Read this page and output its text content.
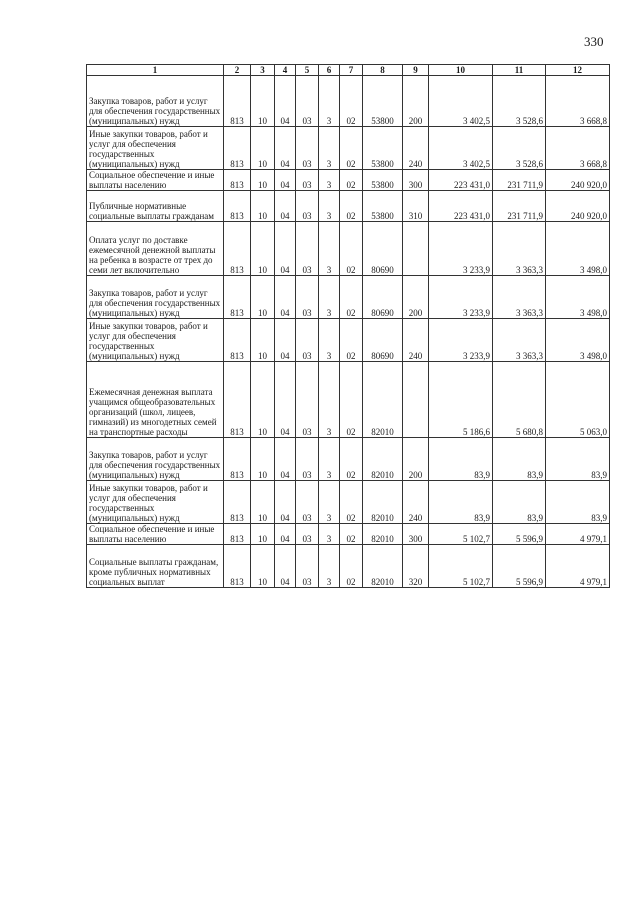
330
1	2	3	4	5	6	7	8	9	10	11	12
Закупка товаров, работ и услуг для обеспечения государственных (муниципальных) нужд	813	10	04	03	3	02	53800	200	3 402,5	3 528,6	3 668,8
Иные закупки товаров, работ и услуг для обеспечения государственных (муниципальных) нужд	813	10	04	03	3	02	53800	240	3 402,5	3 528,6	3 668,8
Социальное обеспечение и иные выплаты населению	813	10	04	03	3	02	53800	300	223 431,0	231 711,9	240 920,0
Публичные нормативные социальные выплаты гражданам	813	10	04	03	3	02	53800	310	223 431,0	231 711,9	240 920,0
Оплата услуг по доставке ежемесячной денежной выплаты на ребенка в возрасте от трех до семи лет включительно	813	10	04	03	3	02	80690		3 233,9	3 363,3	3 498,0
Закупка товаров, работ и услуг для обеспечения государственных (муниципальных) нужд	813	10	04	03	3	02	80690	200	3 233,9	3 363,3	3 498,0
Иные закупки товаров, работ и услуг для обеспечения государственных (муниципальных) нужд	813	10	04	03	3	02	80690	240	3 233,9	3 363,3	3 498,0
Ежемесячная денежная выплата учащимся общеобразовательных организаций (школ, лицеев, гимназий) из многодетных семей на транспортные расходы	813	10	04	03	3	02	82010		5 186,6	5 680,8	5 063,0
Закупка товаров, работ и услуг для обеспечения государственных (муниципальных) нужд	813	10	04	03	3	02	82010	200	83,9	83,9	83,9
Иные закупки товаров, работ и услуг для обеспечения государственных (муниципальных) нужд	813	10	04	03	3	02	82010	240	83,9	83,9	83,9
Социальное обеспечение и иные выплаты населению	813	10	04	03	3	02	82010	300	5 102,7	5 596,9	4 979,1
Социальные выплаты гражданам, кроме публичных нормативных социальных выплат	813	10	04	03	3	02	82010	320	5 102,7	5 596,9	4 979,1
